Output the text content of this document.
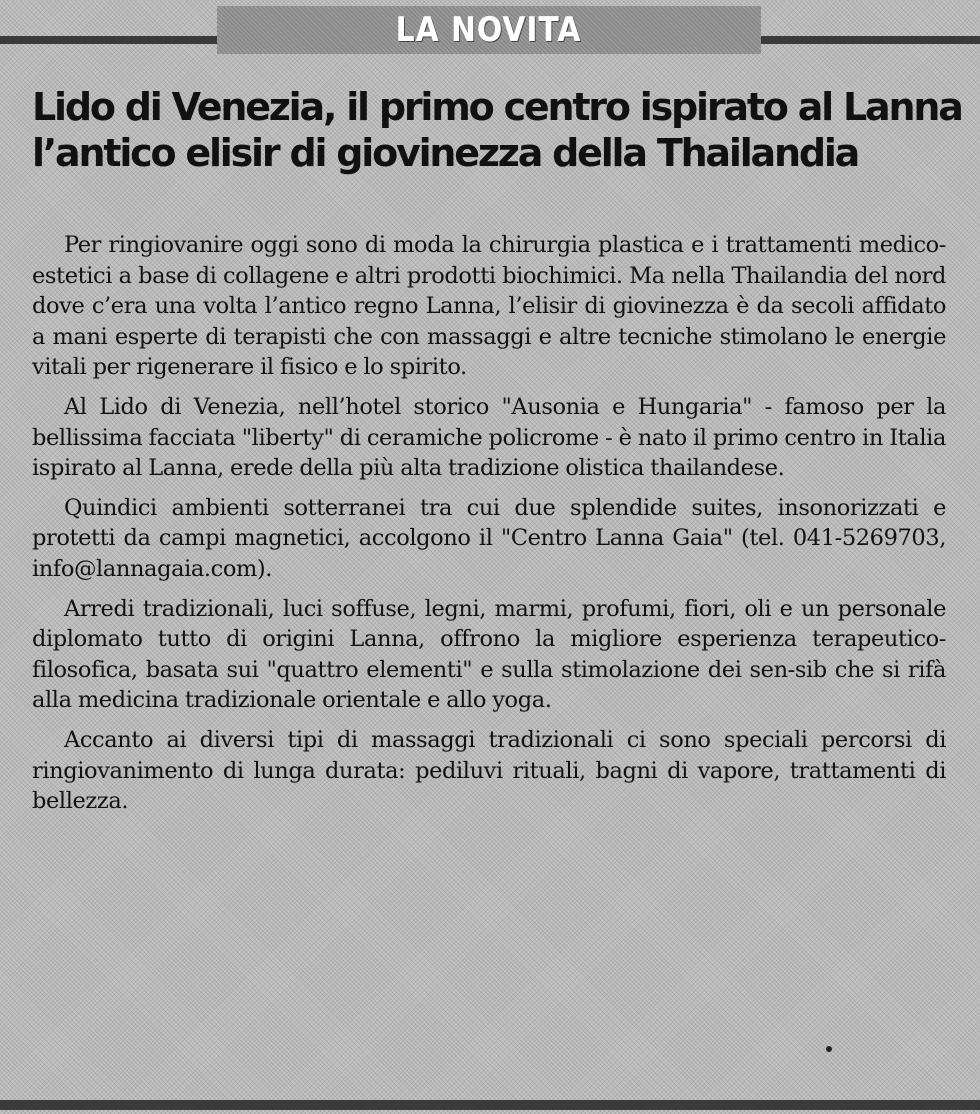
LA NOVITA
Lido di Venezia, il primo centro ispirato al Lanna
l’antico elisir di giovinezza della Thailandia

Per ringiovanire oggi sono di moda la chirurgia plastica e i trattamenti medico-estetici a base di collagene e altri prodotti biochimici. Ma nella Thailandia del nord dove c’era una volta l’antico regno Lanna, l’elisir di giovinezza è da secoli affidato a mani esperte di terapisti che con massaggi e altre tecniche stimolano le energie vitali per rigenerare il fisico e lo spirito.

Al Lido di Venezia, nell’hotel storico "Ausonia e Hungaria" - famoso per la bellissima facciata "liberty" di ceramiche policrome - è nato il primo centro in Italia ispirato al Lanna, erede della più alta tradizione olistica thailandese.

Quindici ambienti sotterranei tra cui due splendide suites, insonorizzati e protetti da campi magnetici, accolgono il "Centro Lanna Gaia" (tel. 041-5269703, info@lannagaia.com).

Arredi tradizionali, luci soffuse, legni, marmi, profumi, fiori, oli e un personale diplomato tutto di origini Lanna, offrono la migliore esperienza terapeutico-filosofica, basata sui "quattro elementi" e sulla stimolazione dei sen-sib che si rifà alla medicina tradizionale orientale e allo yoga.

Accanto ai diversi tipi di massaggi tradizionali ci sono speciali percorsi di ringiovanimento di lunga durata: pediluvi rituali, bagni di vapore, trattamenti di bellezza.
